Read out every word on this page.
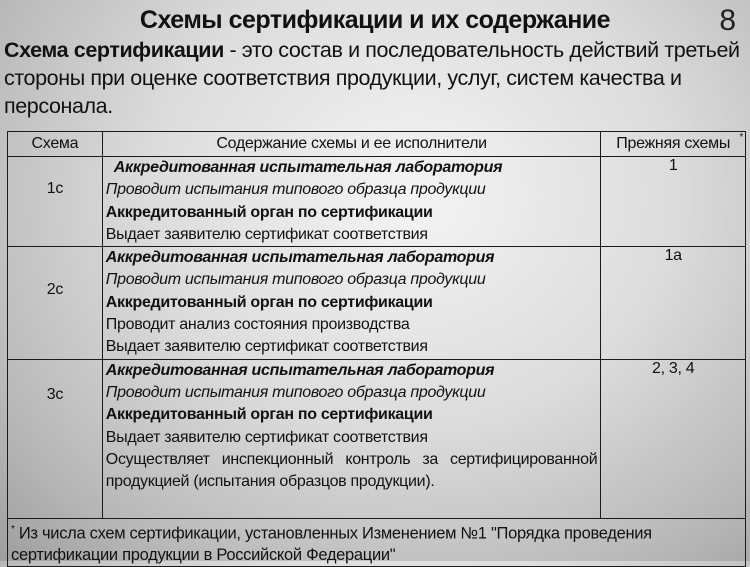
Схемы сертификации и их содержание	8
Схема сертификации - это состав и последовательность действий третьей стороны при оценке соответствия продукции, услуг, систем качества и персонала.
Схема	Содержание схемы и ее исполнители	Прежняя схемы *

1с	Аккредитованная испытательная лаборатория
Проводит испытания типового образца продукции
Аккредитованный орган по сертификации
Выдает заявителю сертификат соответствия	1

2с	Аккредитованная испытательная лаборатория
Проводит испытания типового образца продукции
Аккредитованный орган по сертификации
Проводит анализ состояния производства
Выдает заявителю сертификат соответствия	1а

3с	Аккредитованная испытательная лаборатория
Проводит испытания типового образца продукции
Аккредитованный орган по сертификации
Выдает заявителю сертификат соответствия
Осуществляет инспекционный контроль за сертифицированной продукцией (испытания образцов продукции).	2, 3, 4
* Из числа схем сертификации, установленных Изменением №1 "Порядка проведения сертификации продукции в Российской Федерации"		
